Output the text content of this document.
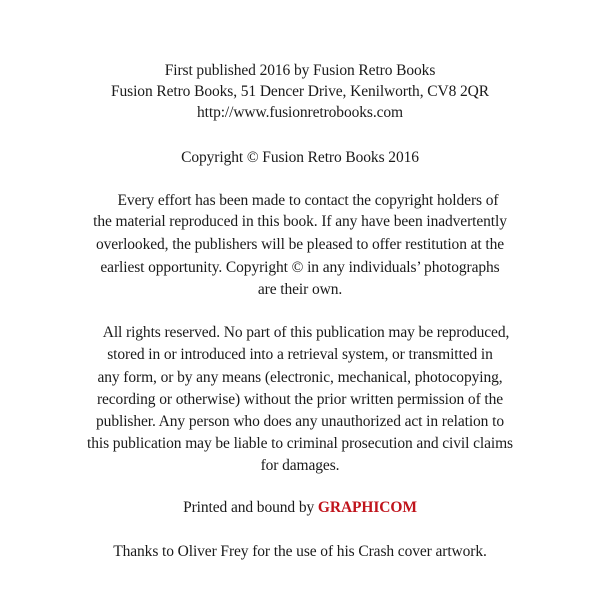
First published 2016 by Fusion Retro Books
Fusion Retro Books, 51 Dencer Drive, Kenilworth, CV8 2QR
http://www.fusionretrobooks.com
Copyright © Fusion Retro Books 2016
Every effort has been made to contact the copyright holders of
the material reproduced in this book. If any have been inadvertently
overlooked, the publishers will be pleased to offer restitution at the
earliest opportunity. Copyright © in any individuals’ photographs
are their own.
All rights reserved. No part of this publication may be reproduced,
stored in or introduced into a retrieval system, or transmitted in
any form, or by any means (electronic, mechanical, photocopying,
recording or otherwise) without the prior written permission of the
publisher. Any person who does any unauthorized act in relation to
this publication may be liable to criminal prosecution and civil claims
for damages.
Printed and bound by GRAPHICOM
Thanks to Oliver Frey for the use of his Crash cover artwork.
